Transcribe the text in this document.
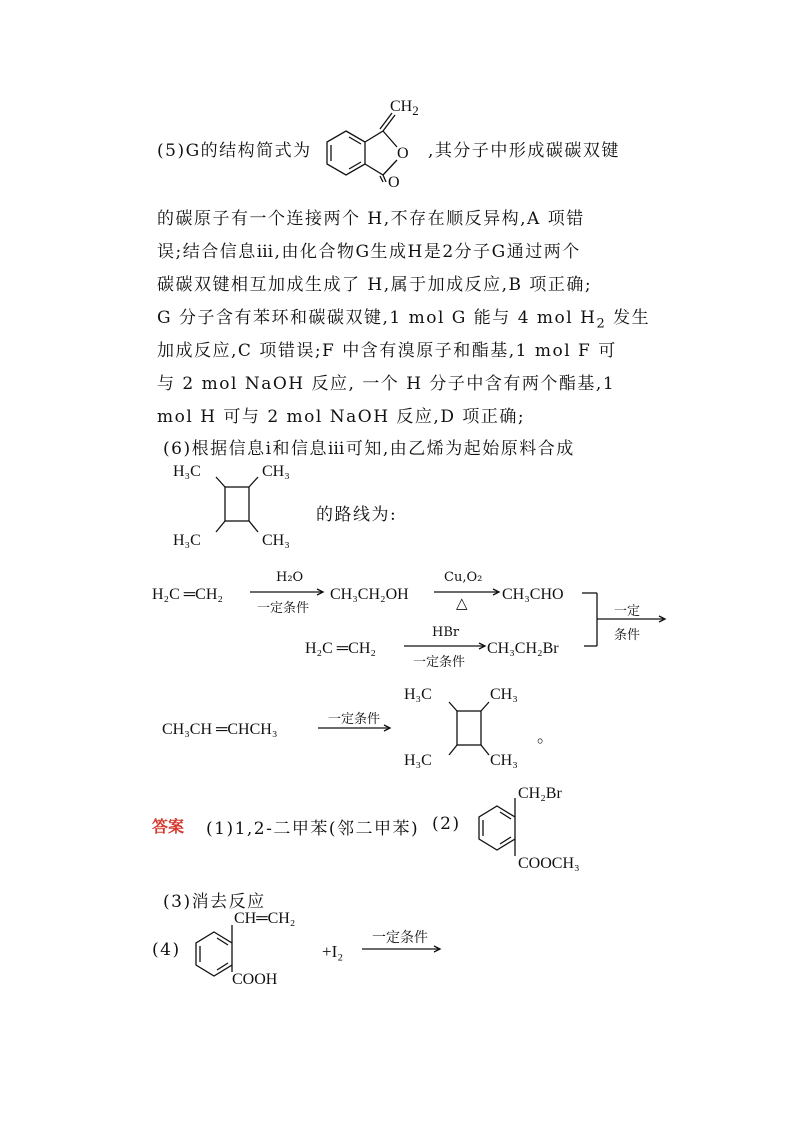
(5)G的结构简式为
$CH_2$
O
O
,其分子中形成碳碳双键
的碳原子有一个连接两个 H,不存在顺反异构,A 项错
误;结合信息ⅲ,由化合物G生成H是2分子G通过两个
碳碳双键相互加成生成了 H,属于加成反应,B 项正确;
G 分子含有苯环和碳碳双键,1 mol G 能与 4 mol $H_2$ 发生
加成反应,C 项错误;F 中含有溴原子和酯基,1 mol F 可
与 2 mol NaOH 反应, 一个 H 分子中含有两个酯基,1
mol H 可与 2 mol NaOH 反应,D 项正确;
(6)根据信息ⅰ和信息ⅲ可知,由乙烯为起始原料合成
H₃C	CH₃
H₃C	CH₃
的路线为:
H₂C ═CH₂
H₂O
一定条件
CH₃CH₂OH
Cu,O₂
△ CH₃CHO
H₂C ═CH₂
HBr
一定条件
CH₃CH₂Br
一定
条件
CH₃CH ═CHCH₃
一定条件
H₃C	CH₃
H₃C	CH₃
。
答案 (1)1,2-二甲苯(邻二甲苯) (2)
CH₂Br
COOCH₃
(3)消去反应
(4)
CH═CH₂
COOH
+I₂
一定条件
